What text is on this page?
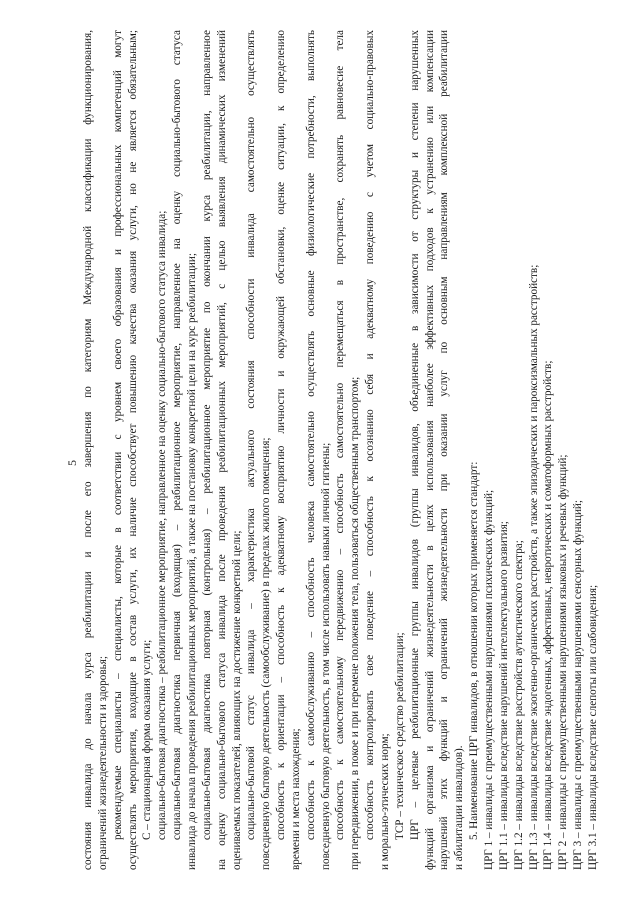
5 состояния инвалида до начала курса реабилитации и после его завершения по категориям Международной классификации функционирования, ограничений жизнедеятельности и здоровья; рекомендуемые специалисты – специалисты, которые в соответствии с уровнем своего образования и профессиональных компетенций могут осуществлять мероприятия, входящие в состав услуги, их наличие способствует повышению качества оказания услуги, но не является обязательным; С – стационарная форма оказания услуги; социально-бытовая диагностика – реабилитационное мероприятие, направленное на оценку социально-бытового статуса инвалида; социально-бытовая диагностика первичная (входящая) – реабилитационное мероприятие, направленное на оценку социально-бытового статуса инвалида до начала проведения реабилитационных мероприятий, а также на постановку конкретной цели на курс реабилитации; социально-бытовая диагностика повторная (контрольная) – реабилитационное мероприятие по окончании курса реабилитации, направленное на оценку социально-бытового статуса инвалида после проведения реабилитационных мероприятий, с целью выявления динамических изменений оцениваемых показателей, влияющих на достижение конкретной цели; социально-бытовой статус инвалида – характеристика актуального состояния способности инвалида самостоятельно осуществлять повседневную бытовую деятельность (самообслуживание) в пределах жилого помещения; способность к ориентации – способность к адекватному восприятию личности и окружающей обстановки, оценке ситуации, к определению времени и места нахождения; способность к самообслуживанию – способность человека самостоятельно осуществлять основные физиологические потребности, выполнять повседневную бытовую деятельность, в том числе использовать навыки личной гигиены; способность к самостоятельному передвижению – способность самостоятельно перемещаться в пространстве, сохранять равновесие тела при передвижении, в покое и при перемене положения тела, пользоваться общественным транспортом; способность контролировать свое поведение – способность к осознанию себя и адекватному поведению с учетом социально-правовых и морально-этических норм; ТСР – техническое средство реабилитации; ЦРГ – целевые реабилитационные группы инвалидов (группы инвалидов, объединенные в зависимости от структуры и степени нарушенных функций организма и ограничений жизнедеятельности в целях использования наиболее эффективных подходов к устранению или компенсации нарушений этих функций и ограничений жизнедеятельности при оказании услуг по основным направлениям комплексной реабилитации и абилитации инвалидов). 5. Наименование ЦРГ инвалидов, в отношении которых применяется стандарт: ЦРГ 1 – инвалиды с преимущественными нарушениями психических функций; ЦРГ 1.1 – инвалиды вследствие нарушений интеллектуального развития; ЦРГ 1.2 – инвалиды вследствие расстройств аутистического спектра; ЦРГ 1.3 – инвалиды вследствие экзогенно-органических расстройств, а также эпизодических и пароксизмальных расстройств; ЦРГ 1.4 – инвалиды вследствие эндогенных, аффективных, невротических и соматоформных расстройств; ЦРГ 2 – инвалиды с преимущественными нарушениями языковых и речевых функций; ЦРГ 3 – инвалиды с преимущественными нарушениями сенсорных функций; ЦРГ 3.1 – инвалиды вследствие слепоты или слабовидения;
